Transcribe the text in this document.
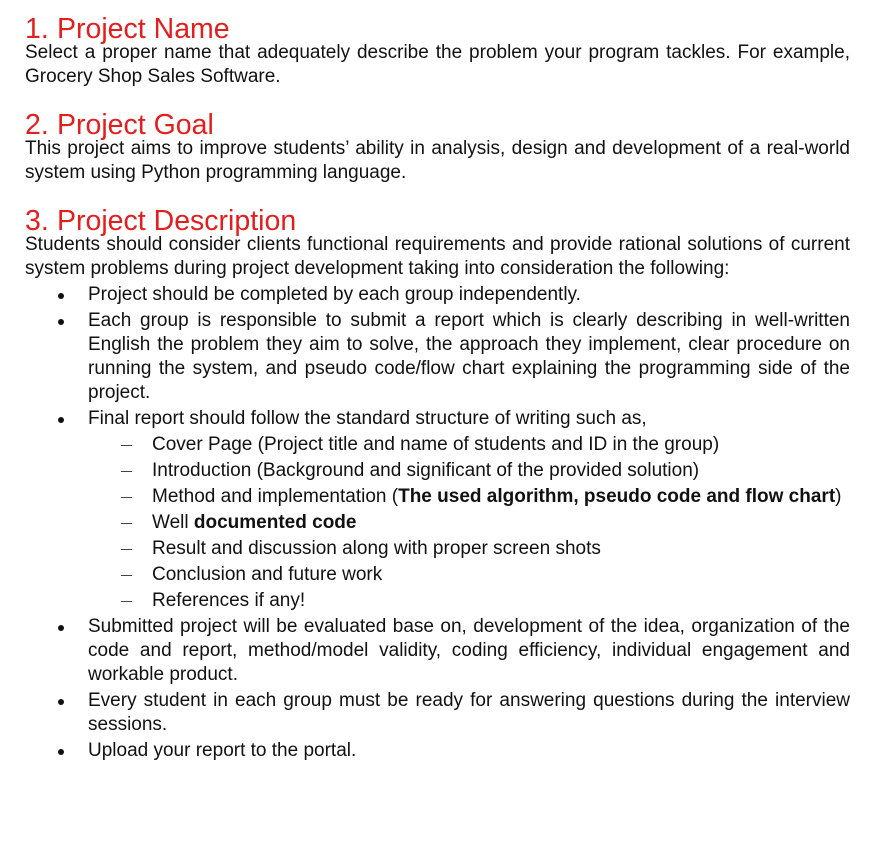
1. Project Name

Select a proper name that adequately describe the problem your program tackles. For example, Grocery Shop Sales Software.

2. Project Goal

This project aims to improve students’ ability in analysis, design and development of a real-world system using Python programming language.

3. Project Description

Students should consider clients functional requirements and provide rational solutions of current system problems during project development taking into consideration the following:

Project should be completed by each group independently.
Each group is responsible to submit a report which is clearly describing in well-written English the problem they aim to solve, the approach they implement, clear procedure on running the system, and pseudo code/flow chart explaining the programming side of the project.
Final report should follow the standard structure of writing such as,
Cover Page (Project title and name of students and ID in the group)
Introduction (Background and significant of the provided solution)
Method and implementation (The used algorithm, pseudo code and flow chart)
Well documented code
Result and discussion along with proper screen shots
Conclusion and future work
References if any!
Submitted project will be evaluated base on, development of the idea, organization of the code and report, method/model validity, coding efficiency, individual engagement and workable product.
Every student in each group must be ready for answering questions during the interview sessions.
Upload your report to the portal.
